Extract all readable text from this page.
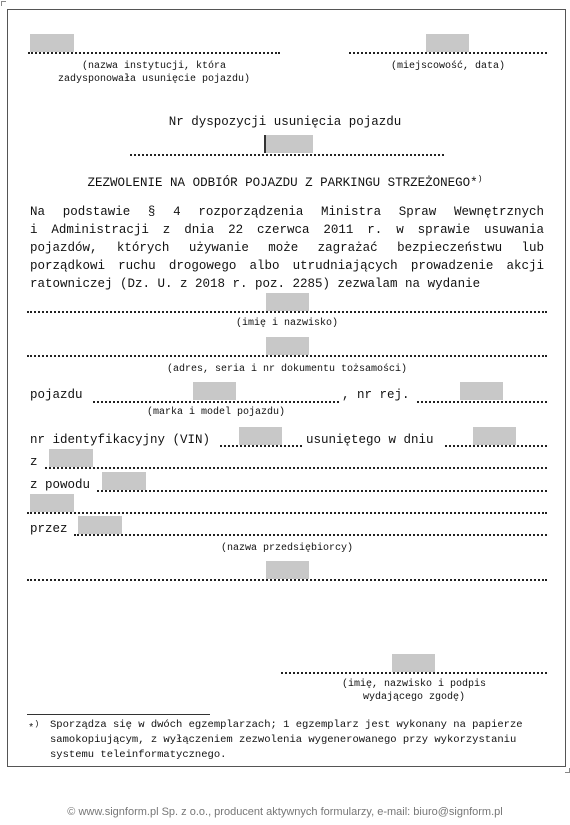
(nazwa instytucji, która
zadysponowała usunięcie pojazdu)
(miejscowość, data)
Nr dyspozycji usunięcia pojazdu
ZEZWOLENIE NA ODBIÓR POJAZDU Z PARKINGU STRZEŻONEGO*)
Na podstawie § 4 rozporządzenia Ministra Spraw Wewnętrznych
i Administracji z dnia 22 czerwca 2011 r. w sprawie usuwania
pojazdów, których używanie może zagrażać bezpieczeństwu lub
porządkowi ruchu drogowego albo utrudniających prowadzenie akcji
ratowniczej (Dz. U. z 2018 r. poz. 2285) zezwalam na wydanie
(imię i nazwisko)
(adres, seria i nr dokumentu tożsamości)
pojazdu	, nr rej.
(marka i model pojazdu)
nr identyfikacyjny (VIN)	usuniętego w dniu
z
z powodu
przez
(nazwa przedsiębiorcy)
(imię, nazwisko i podpis
wydającego zgodę)
*) Sporządza się w dwóch egzemplarzach; 1 egzemplarz jest wykonany na papierze
samokopiującym, z wyłączeniem zezwolenia wygenerowanego przy wykorzystaniu
systemu teleinformatycznego.
© www.signform.pl Sp. z o.o., producent aktywnych formularzy, e-mail: biuro@signform.pl
